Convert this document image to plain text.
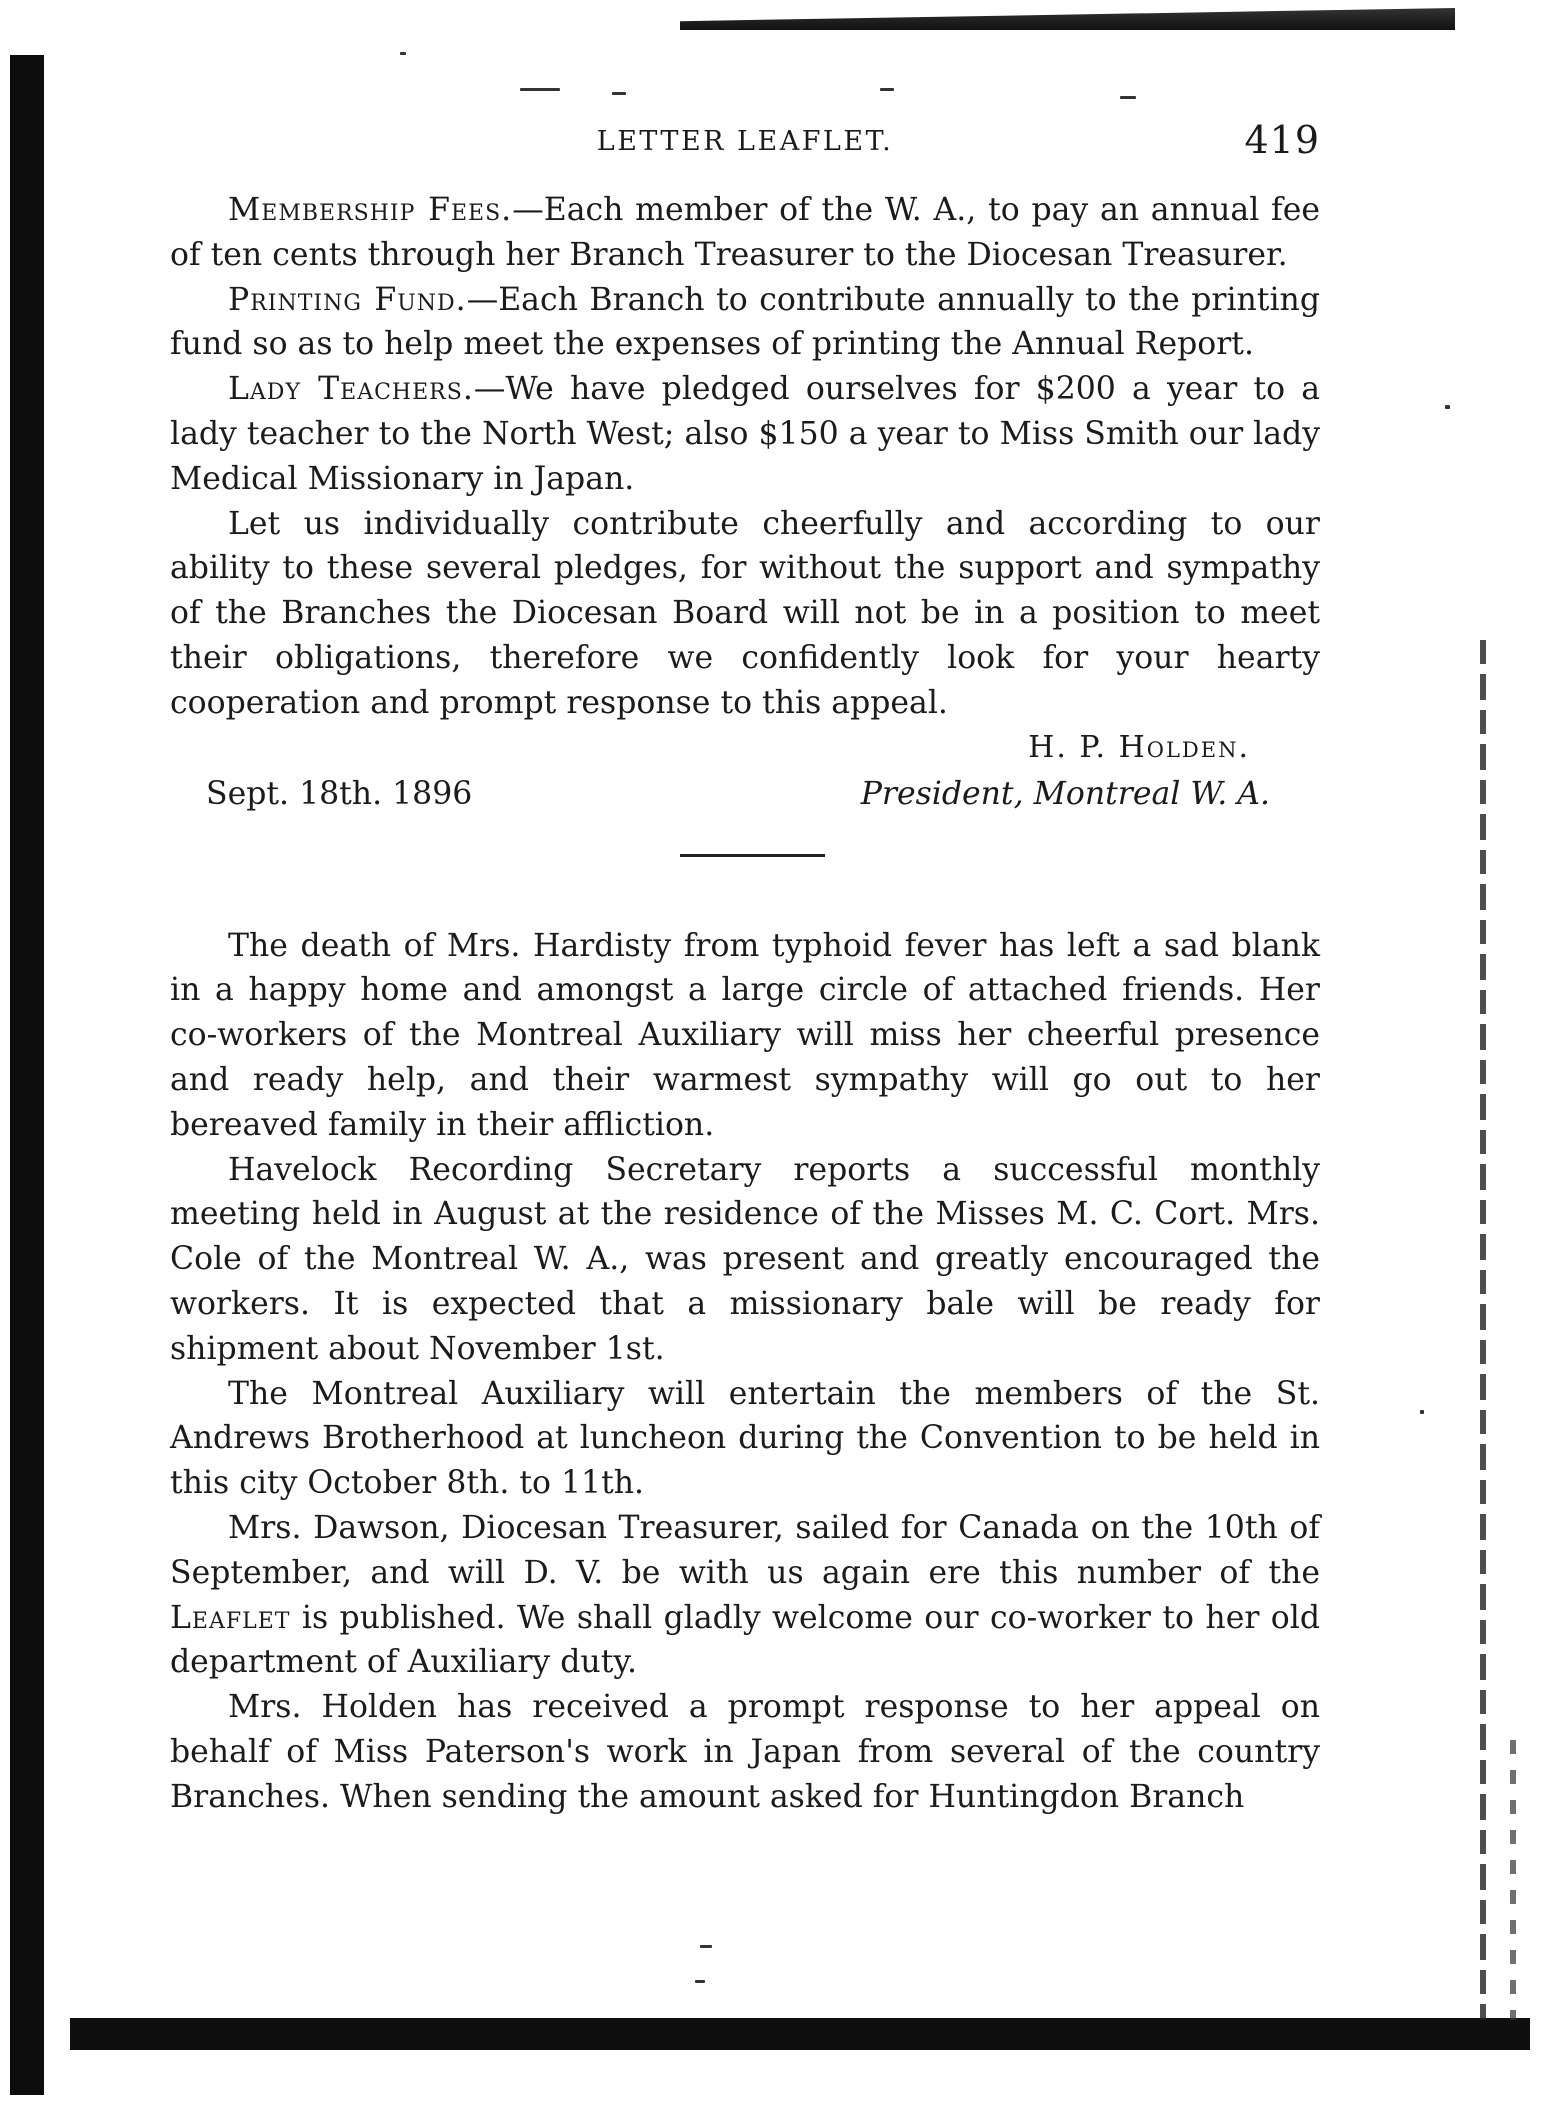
LETTER LEAFLET.	419

Membership Fees.—Each member of the W. A., to pay an annual fee of ten cents through her Branch Treasurer to the Diocesan Treasurer.

Printing Fund.—Each Branch to contribute annually to the printing fund so as to help meet the expenses of printing the Annual Report.

Lady Teachers.—We have pledged ourselves for $200 a year to a lady teacher to the North West; also $150 a year to Miss Smith our lady Medical Missionary in Japan.

Let us individually contribute cheerfully and according to our ability to these several pledges, for without the support and sympathy of the Branches the Diocesan Board will not be in a position to meet their obligations, therefore we confidently look for your hearty cooperation and prompt response to this appeal.

H. P. Holden.
Sept. 18th. 1896	President, Montreal W. A.

The death of Mrs. Hardisty from typhoid fever has left a sad blank in a happy home and amongst a large circle of attached friends. Her co-workers of the Montreal Auxiliary will miss her cheerful presence and ready help, and their warmest sympathy will go out to her bereaved family in their affliction.

Havelock Recording Secretary reports a successful monthly meeting held in August at the residence of the Misses M. C. Cort. Mrs. Cole of the Montreal W. A., was present and greatly encouraged the workers. It is expected that a missionary bale will be ready for shipment about November 1st.

The Montreal Auxiliary will entertain the members of the St. Andrews Brotherhood at luncheon during the Convention to be held in this city October 8th. to 11th.

Mrs. Dawson, Diocesan Treasurer, sailed for Canada on the 10th of September, and will D. V. be with us again ere this number of the Leaflet is published. We shall gladly welcome our co-worker to her old department of Auxiliary duty.

Mrs. Holden has received a prompt response to her appeal on behalf of Miss Paterson's work in Japan from several of the country Branches. When sending the amount asked for Huntingdon Branch
